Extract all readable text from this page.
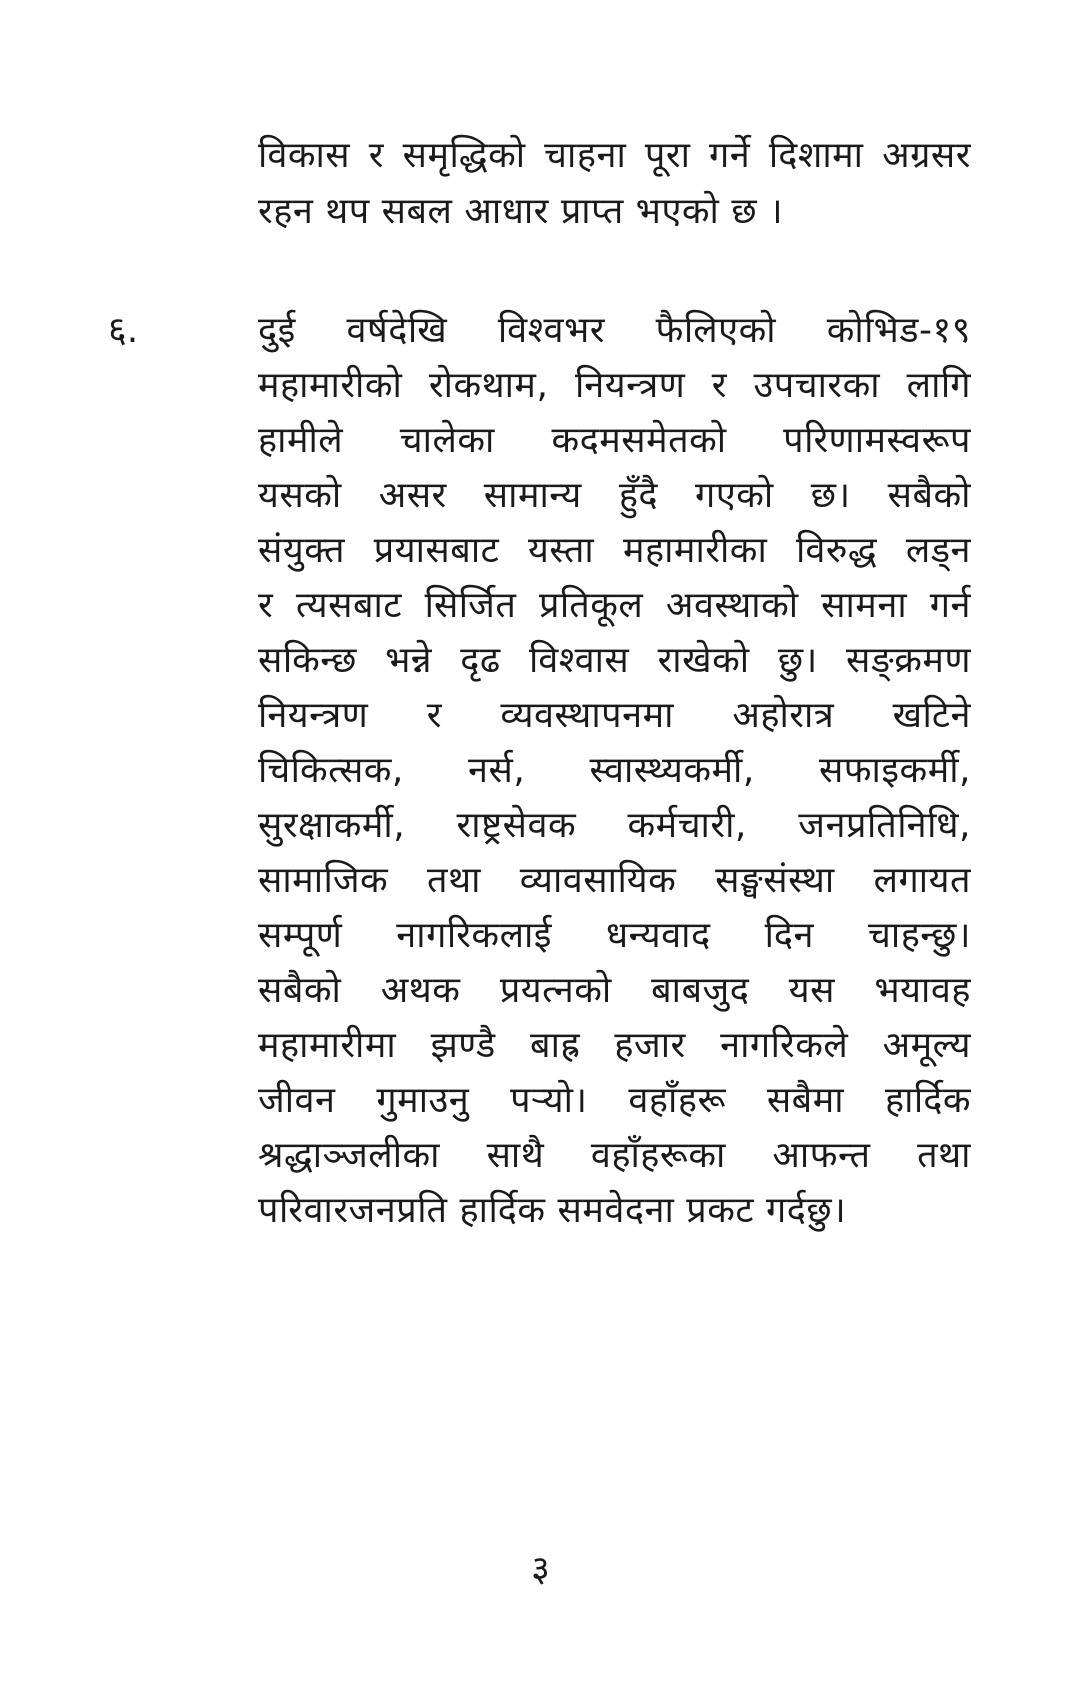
विकास र समृद्धिको चाहना पूरा गर्ने दिशामा अग्रसर
रहन थप सबल आधार प्राप्त भएको छ ।
६.	दुई वर्षदेखि विश्वभर फैलिएको कोभिड-१९
महामारीको रोकथाम, नियन्त्रण र उपचारका लागि
हामीले चालेका कदमसमेतको परिणामस्वरूप
यसको असर सामान्य हुँदै गएको छ। सबैको
संयुक्त प्रयासबाट यस्ता महामारीका विरुद्ध लड्न
र त्यसबाट सिर्जित प्रतिकूल अवस्थाको सामना गर्न
सकिन्छ भन्ने दृढ विश्वास राखेको छु। सङ्क्रमण
नियन्त्रण र व्यवस्थापनमा अहोरात्र खटिने
चिकित्सक, नर्स, स्वास्थ्यकर्मी, सफाइकर्मी,
सुरक्षाकर्मी, राष्ट्रसेवक कर्मचारी, जनप्रतिनिधि,
सामाजिक तथा व्यावसायिक सङ्घसंस्था लगायत
सम्पूर्ण नागरिकलाई धन्यवाद दिन चाहन्छु।
सबैको अथक प्रयत्नको बाबजुद यस भयावह
महामारीमा झण्डै बाह्र हजार नागरिकले अमूल्य
जीवन गुमाउनु पर्‍यो। वहाँहरू सबैमा हार्दिक
श्रद्धाञ्जलीका साथै वहाँहरूका आफन्त तथा
परिवारजनप्रति हार्दिक समवेदना प्रकट गर्दछु।
३
